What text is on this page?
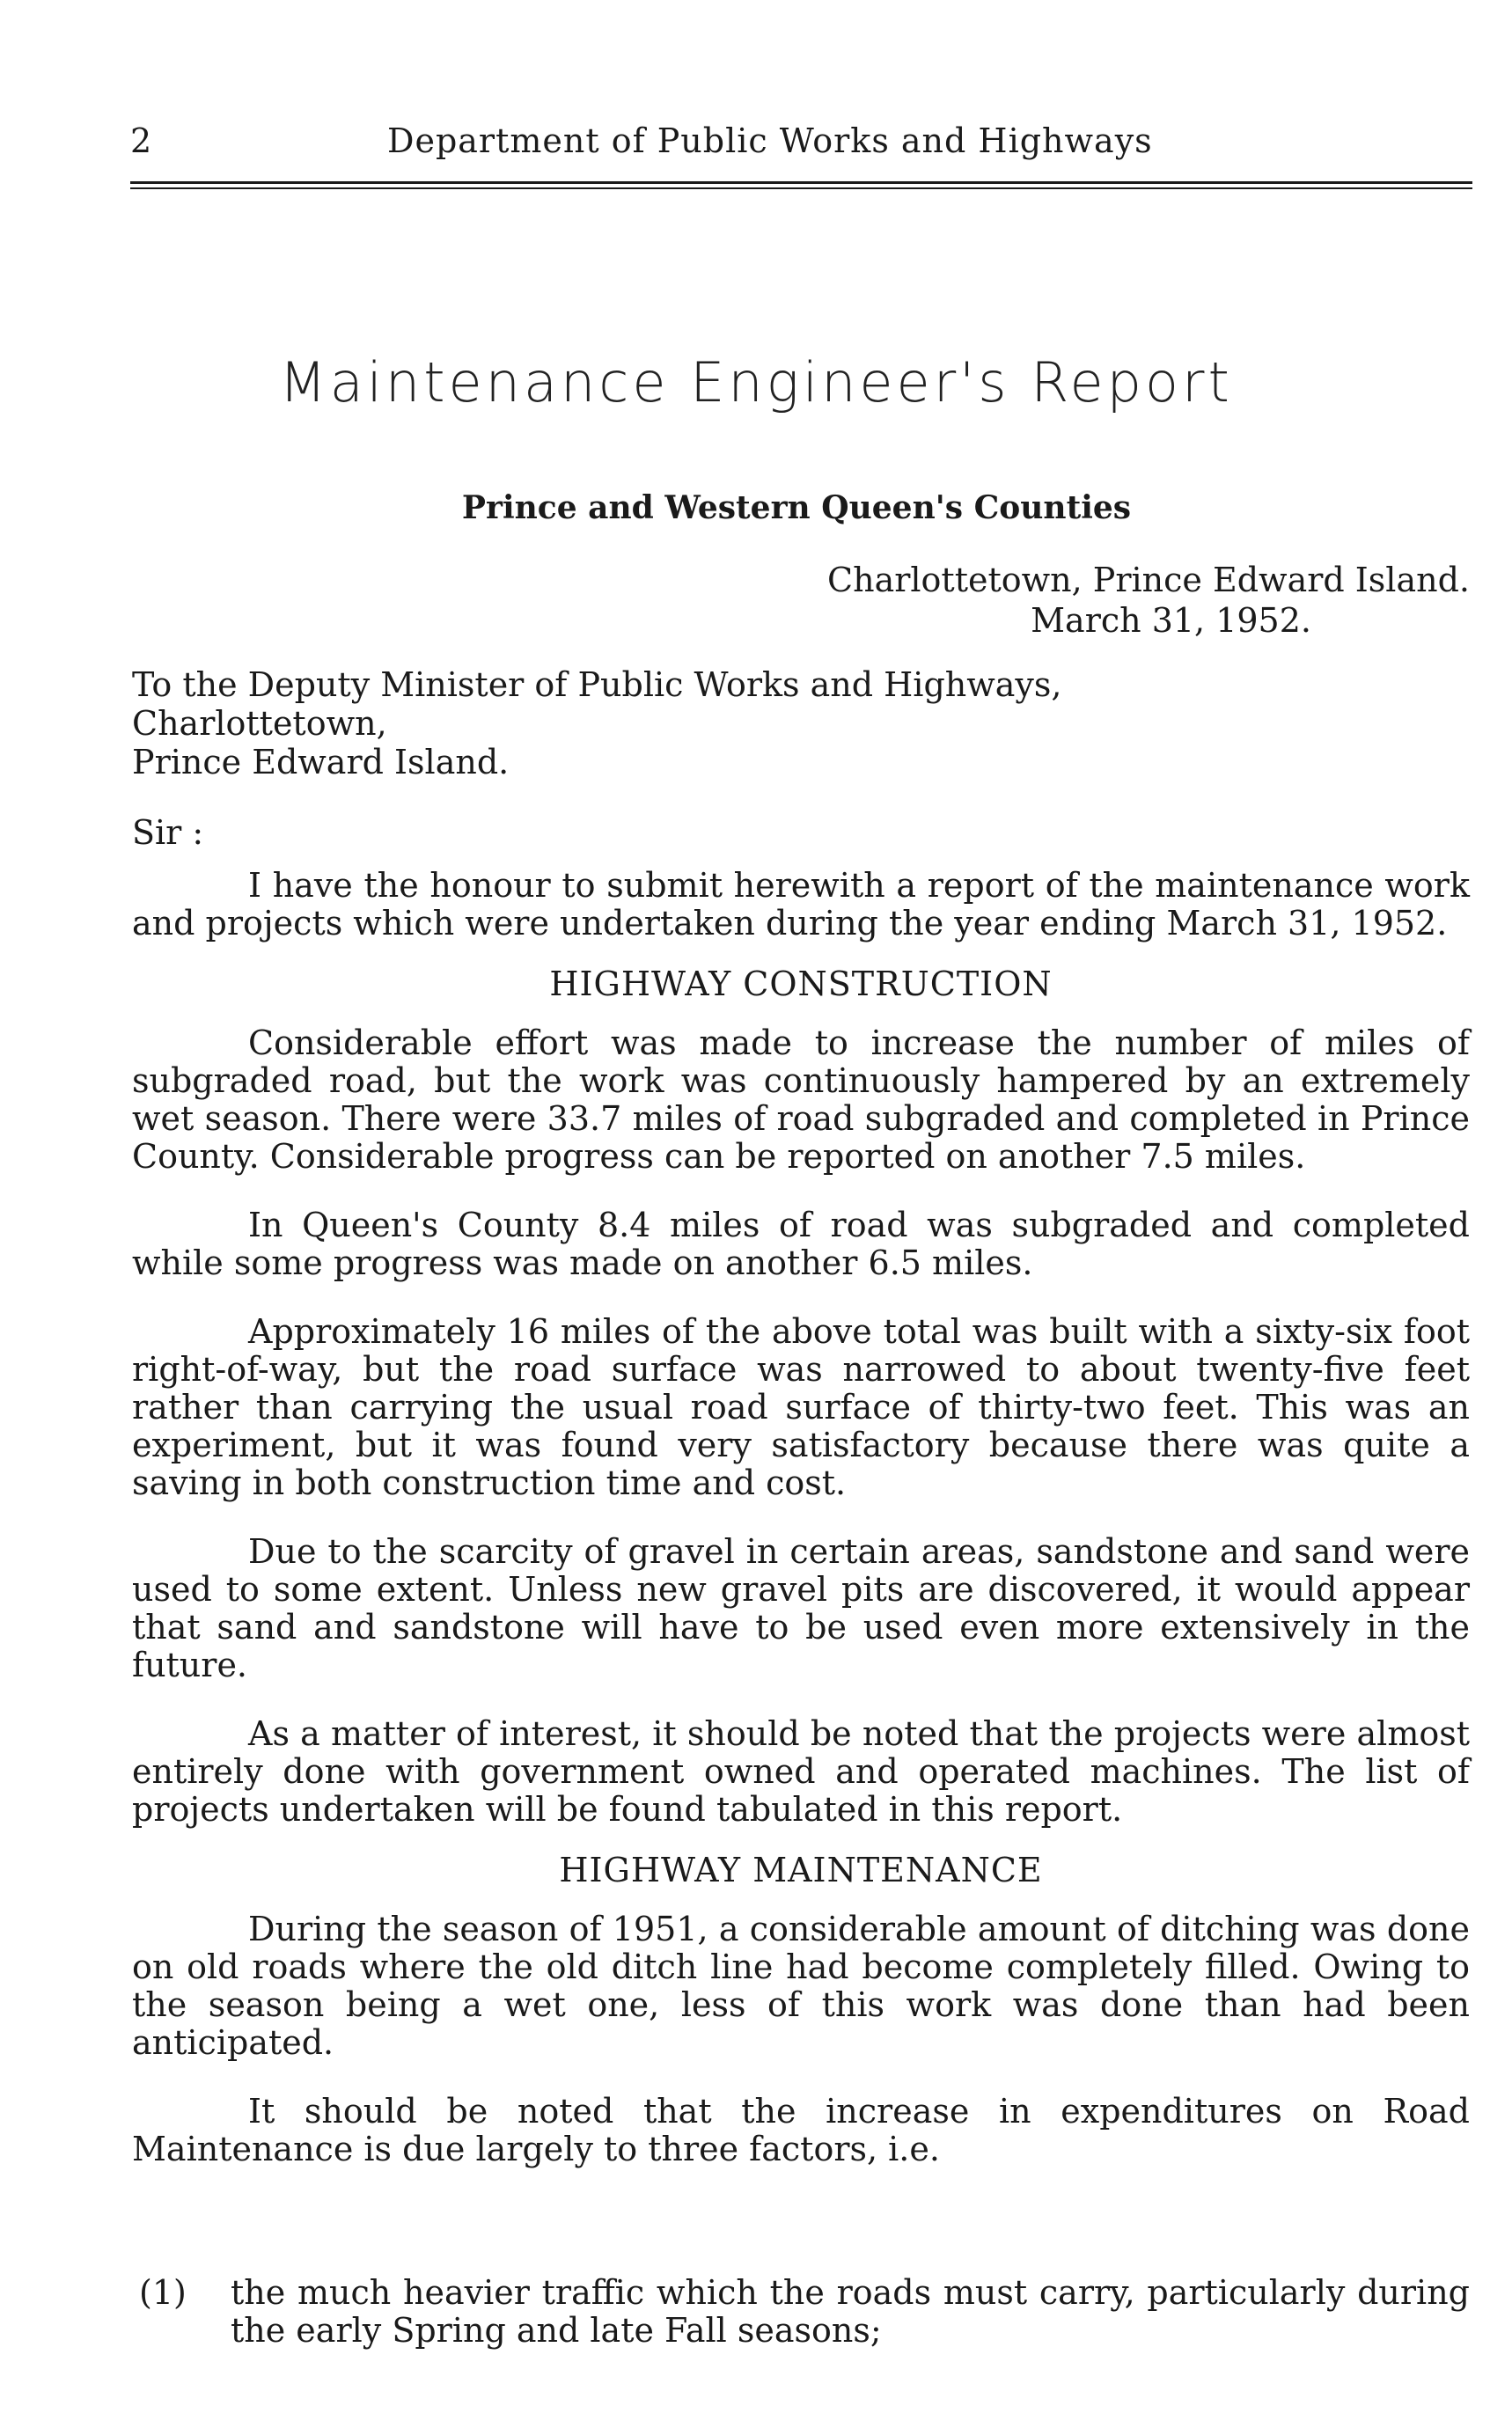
2	Department of Public Works and Highways
Maintenance Engineer's Report
Prince and Western Queen's Counties
Charlottetown, Prince Edward Island.
March 31, 1952.
To the Deputy Minister of Public Works and Highways,
Charlottetown,
Prince Edward Island.
Sir :

I have the honour to submit herewith a report of the maintenance work and projects which were undertaken during the year ending March 31, 1952.

HIGHWAY CONSTRUCTION

Considerable effort was made to increase the number of miles of subgraded road, but the work was continuously hampered by an extremely wet season. There were 33.7 miles of road subgraded and completed in Prince County. Considerable progress can be reported on another 7.5 miles.

In Queen's County 8.4 miles of road was subgraded and completed while some progress was made on another 6.5 miles.

Approximately 16 miles of the above total was built with a sixty-six foot right-of-way, but the road surface was narrowed to about twenty-five feet rather than carrying the usual road surface of thirty-two feet. This was an experiment, but it was found very satisfactory because there was quite a saving in both construction time and cost.

Due to the scarcity of gravel in certain areas, sandstone and sand were used to some extent. Unless new gravel pits are discovered, it would appear that sand and sandstone will have to be used even more extensively in the future.

As a matter of interest, it should be noted that the projects were almost entirely done with government owned and operated machines. The list of projects undertaken will be found tabulated in this report.

HIGHWAY MAINTENANCE

During the season of 1951, a considerable amount of ditching was done on old roads where the old ditch line had become completely filled. Owing to the season being a wet one, less of this work was done than had been anticipated.

It should be noted that the increase in expenditures on Road Maintenance is due largely to three factors, i.e.

(1) the much heavier traffic which the roads must carry, particularly during the early Spring and late Fall seasons;
